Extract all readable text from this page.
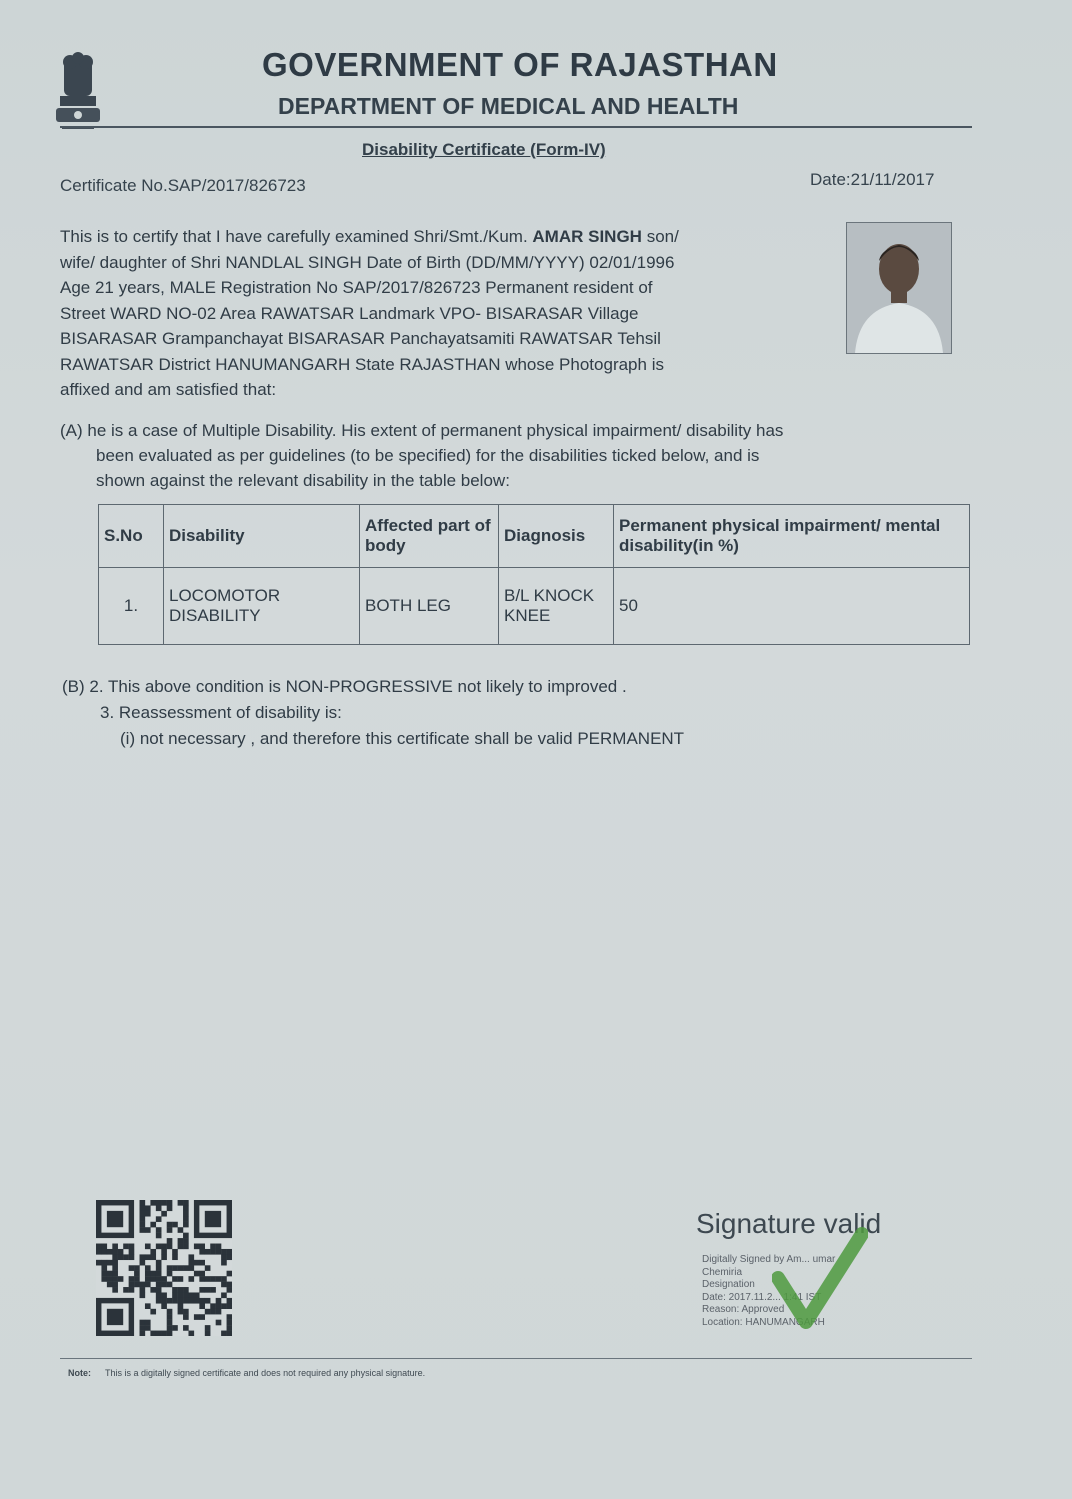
GOVERNMENT OF RAJASTHAN
DEPARTMENT OF MEDICAL AND HEALTH
Disability Certificate (Form-IV)
Certificate No.SAP/2017/826723	Date:21/11/2017
This is to certify that I have carefully examined Shri/Smt./Kum. AMAR SINGH son/
wife/ daughter of Shri NANDLAL SINGH Date of Birth (DD/MM/YYYY) 02/01/1996
Age 21 years, MALE Registration No SAP/2017/826723 Permanent resident of
Street WARD NO-02 Area RAWATSAR Landmark VPO- BISARASAR Village
BISARASAR Grampanchayat BISARASAR Panchayatsamiti RAWATSAR Tehsil
RAWATSAR District HANUMANGARH State RAJASTHAN whose Photograph is
affixed and am satisfied that:
(A) he is a case of Multiple Disability. His extent of permanent physical impairment/ disability has
been evaluated as per guidelines (to be specified) for the disabilities ticked below, and is
shown against the relevant disability in the table below:
S.No	Disability	Affected part of body	Diagnosis	Permanent physical impairment/ mental disability(in %)
1.	LOCOMOTOR DISABILITY	BOTH LEG	B/L KNOCK KNEE	50
(B) 2. This above condition is NON-PROGRESSIVE not likely to improved .
3. Reassessment of disability is:
(i) not necessary , and therefore this certificate shall be valid PERMANENT
Signature valid
Digitally Signed by Am... umar
Chemiria
Designation
Date: 2017.11.2... 1:41 IST
Reason: Approved
Location: HANUMANGARH
Note: This is a digitally signed certificate and does not required any physical signature.
